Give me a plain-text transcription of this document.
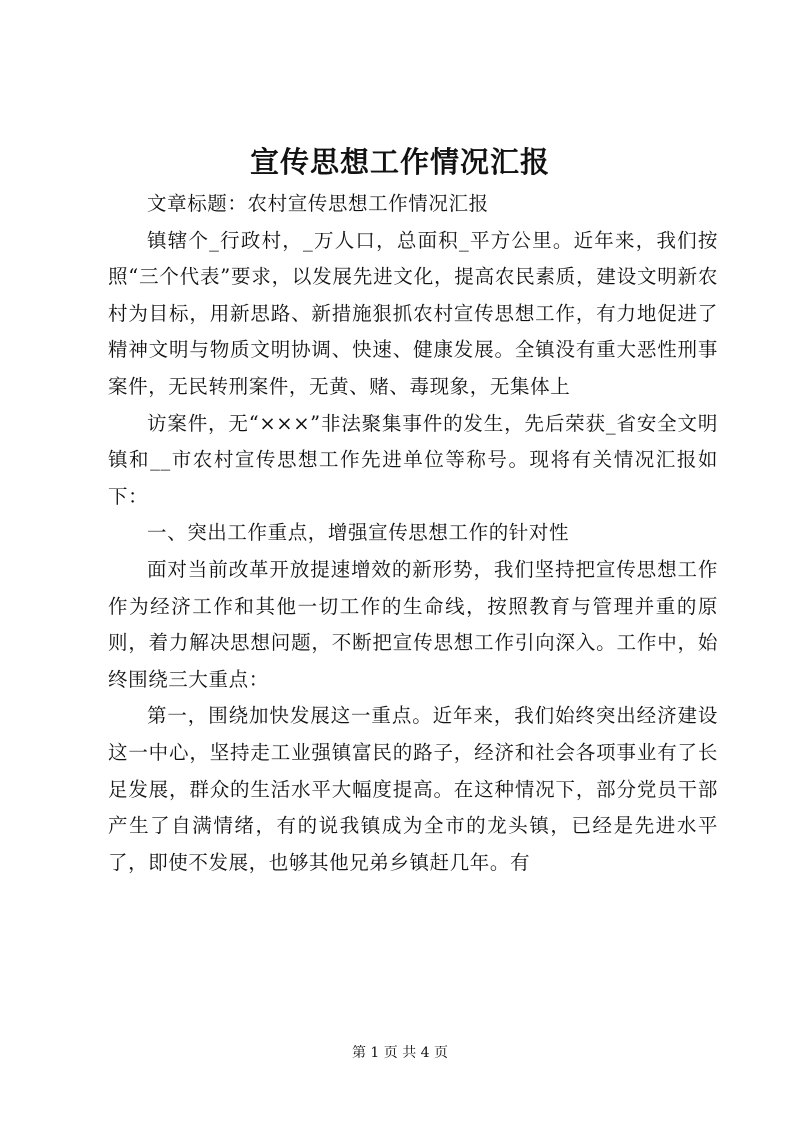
宣传思想工作情况汇报

文章标题：农村宣传思想工作情况汇报

镇辖个_行政村，_万人口，总面积_平方公里。近年来，我们按照“三个代表”要求，以发展先进文化，提高农民素质，建设文明新农村为目标，用新思路、新措施狠抓农村宣传思想工作，有力地促进了精神文明与物质文明协调、快速、健康发展。全镇没有重大恶性刑事案件，无民转刑案件，无黄、赌、毒现象，无集体上

访案件，无“×××”非法聚集事件的发生，先后荣获_省安全文明镇和__市农村宣传思想工作先进单位等称号。现将有关情况汇报如下：

一、突出工作重点，增强宣传思想工作的针对性

面对当前改革开放提速增效的新形势，我们坚持把宣传思想工作作为经济工作和其他一切工作的生命线，按照教育与管理并重的原则，着力解决思想问题，不断把宣传思想工作引向深入。工作中，始终围绕三大重点：

第一，围绕加快发展这一重点。近年来，我们始终突出经济建设这一中心，坚持走工业强镇富民的路子，经济和社会各项事业有了长足发展，群众的生活水平大幅度提高。在这种情况下，部分党员干部产生了自满情绪，有的说我镇成为全市的龙头镇，已经是先进水平了，即使不发展，也够其他兄弟乡镇赶几年。有

第 1 页 共 4 页
